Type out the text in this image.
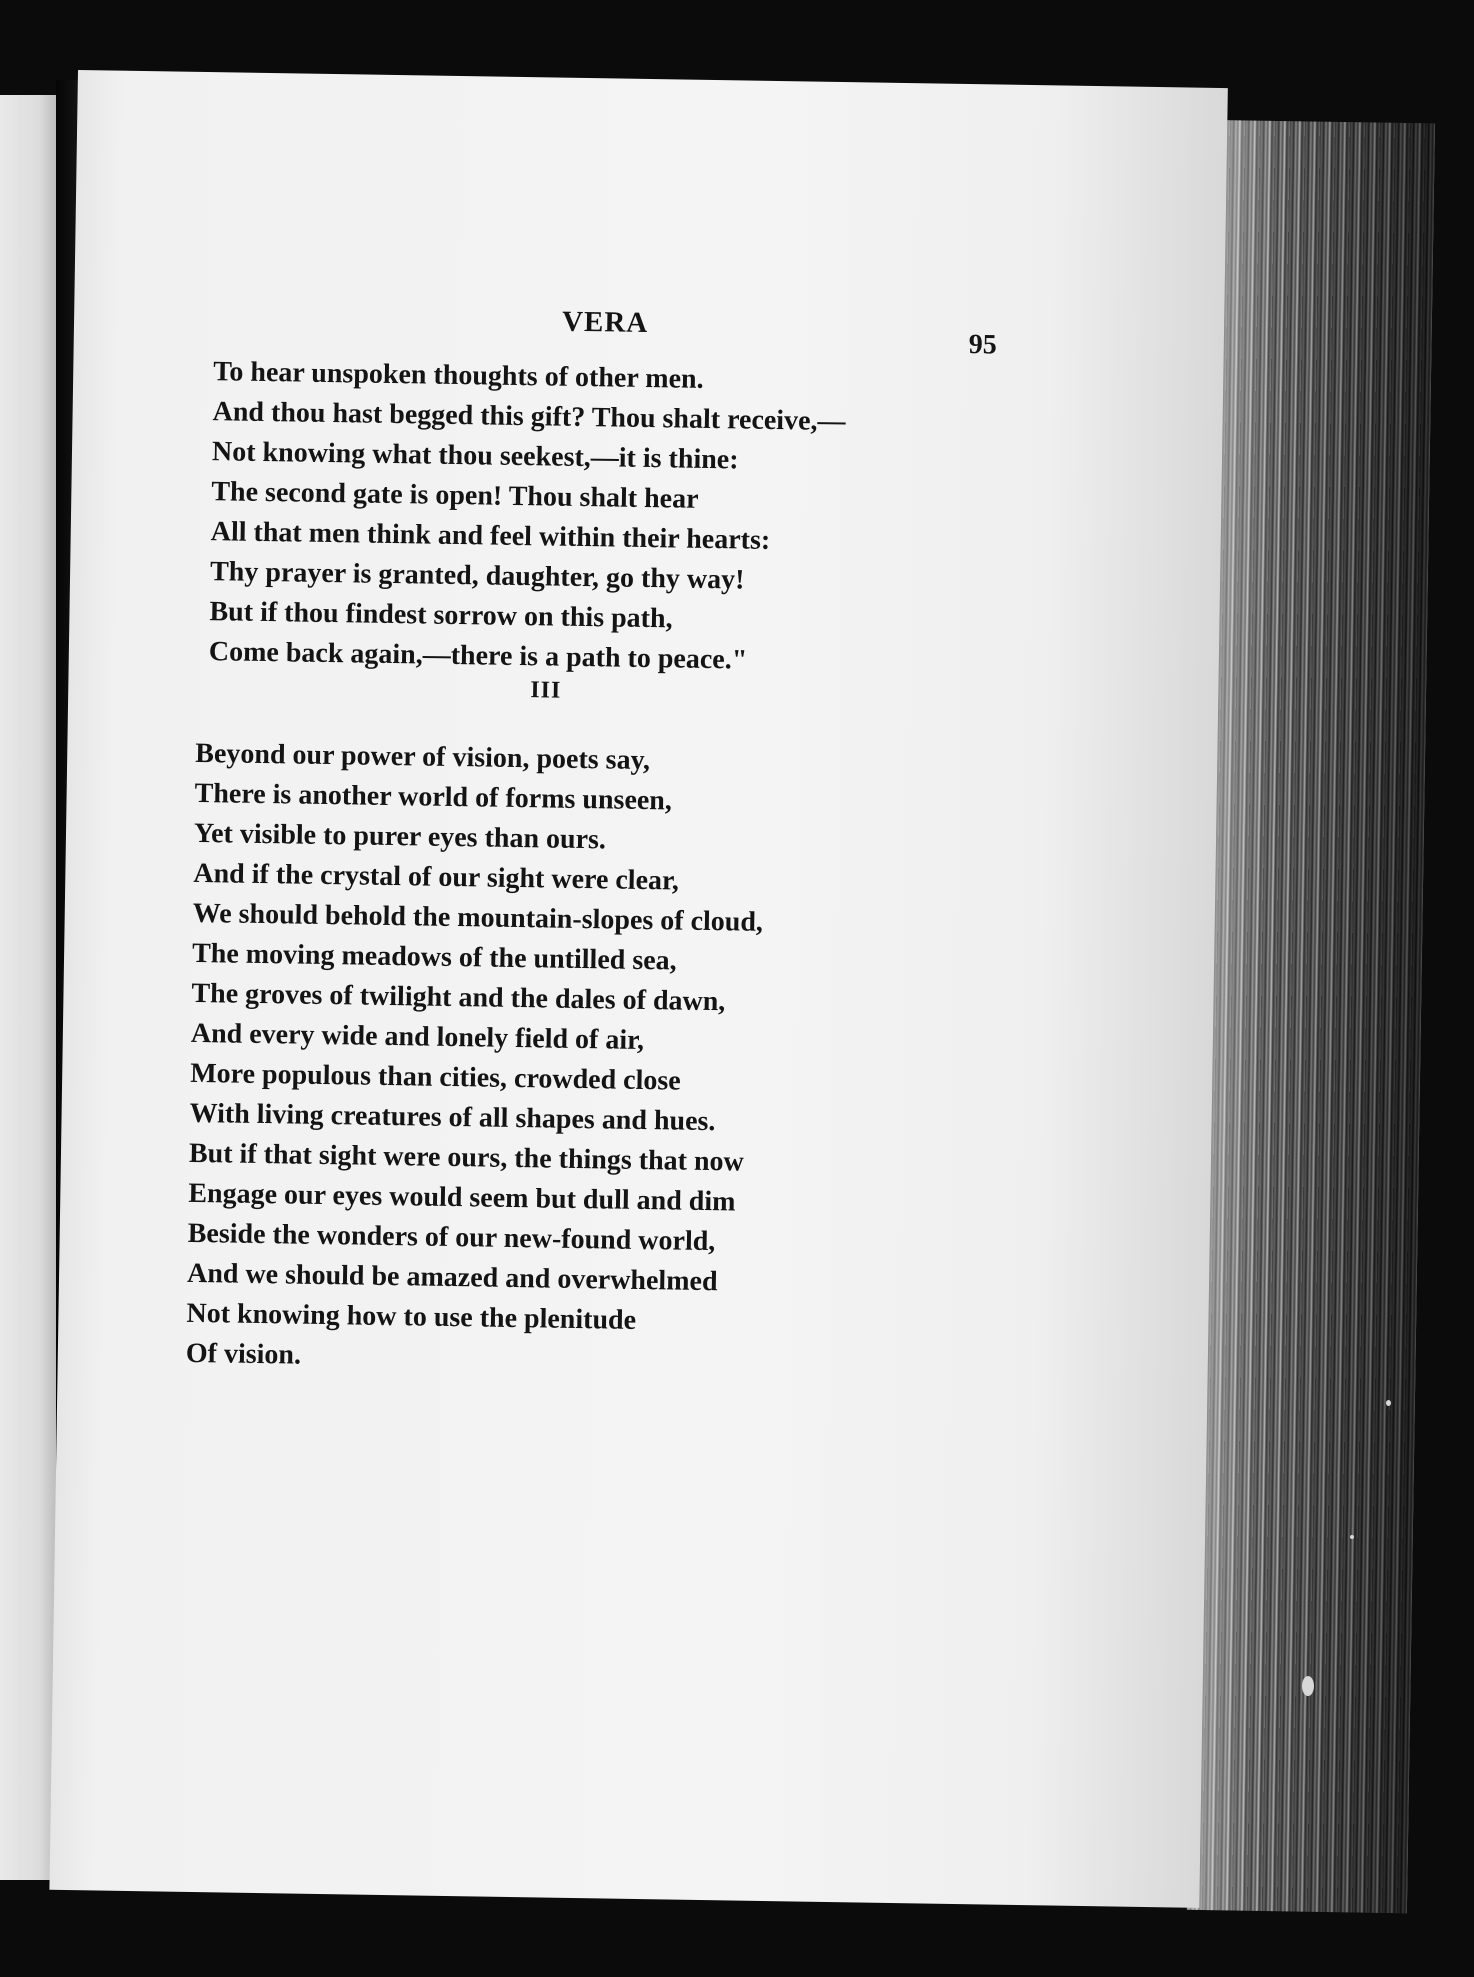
VERA
95
To hear unspoken thoughts of other men.
And thou hast begged this gift? Thou shalt receive,—
Not knowing what thou seekest,—it is thine:
The second gate is open! Thou shalt hear
All that men think and feel within their hearts:
Thy prayer is granted, daughter, go thy way!
But if thou findest sorrow on this path,
Come back again,—there is a path to peace."
III
Beyond our power of vision, poets say,
There is another world of forms unseen,
Yet visible to purer eyes than ours.
And if the crystal of our sight were clear,
We should behold the mountain-slopes of cloud,
The moving meadows of the untilled sea,
The groves of twilight and the dales of dawn,
And every wide and lonely field of air,
More populous than cities, crowded close
With living creatures of all shapes and hues.
But if that sight were ours, the things that now
Engage our eyes would seem but dull and dim
Beside the wonders of our new-found world,
And we should be amazed and overwhelmed
Not knowing how to use the plenitude
Of vision.
